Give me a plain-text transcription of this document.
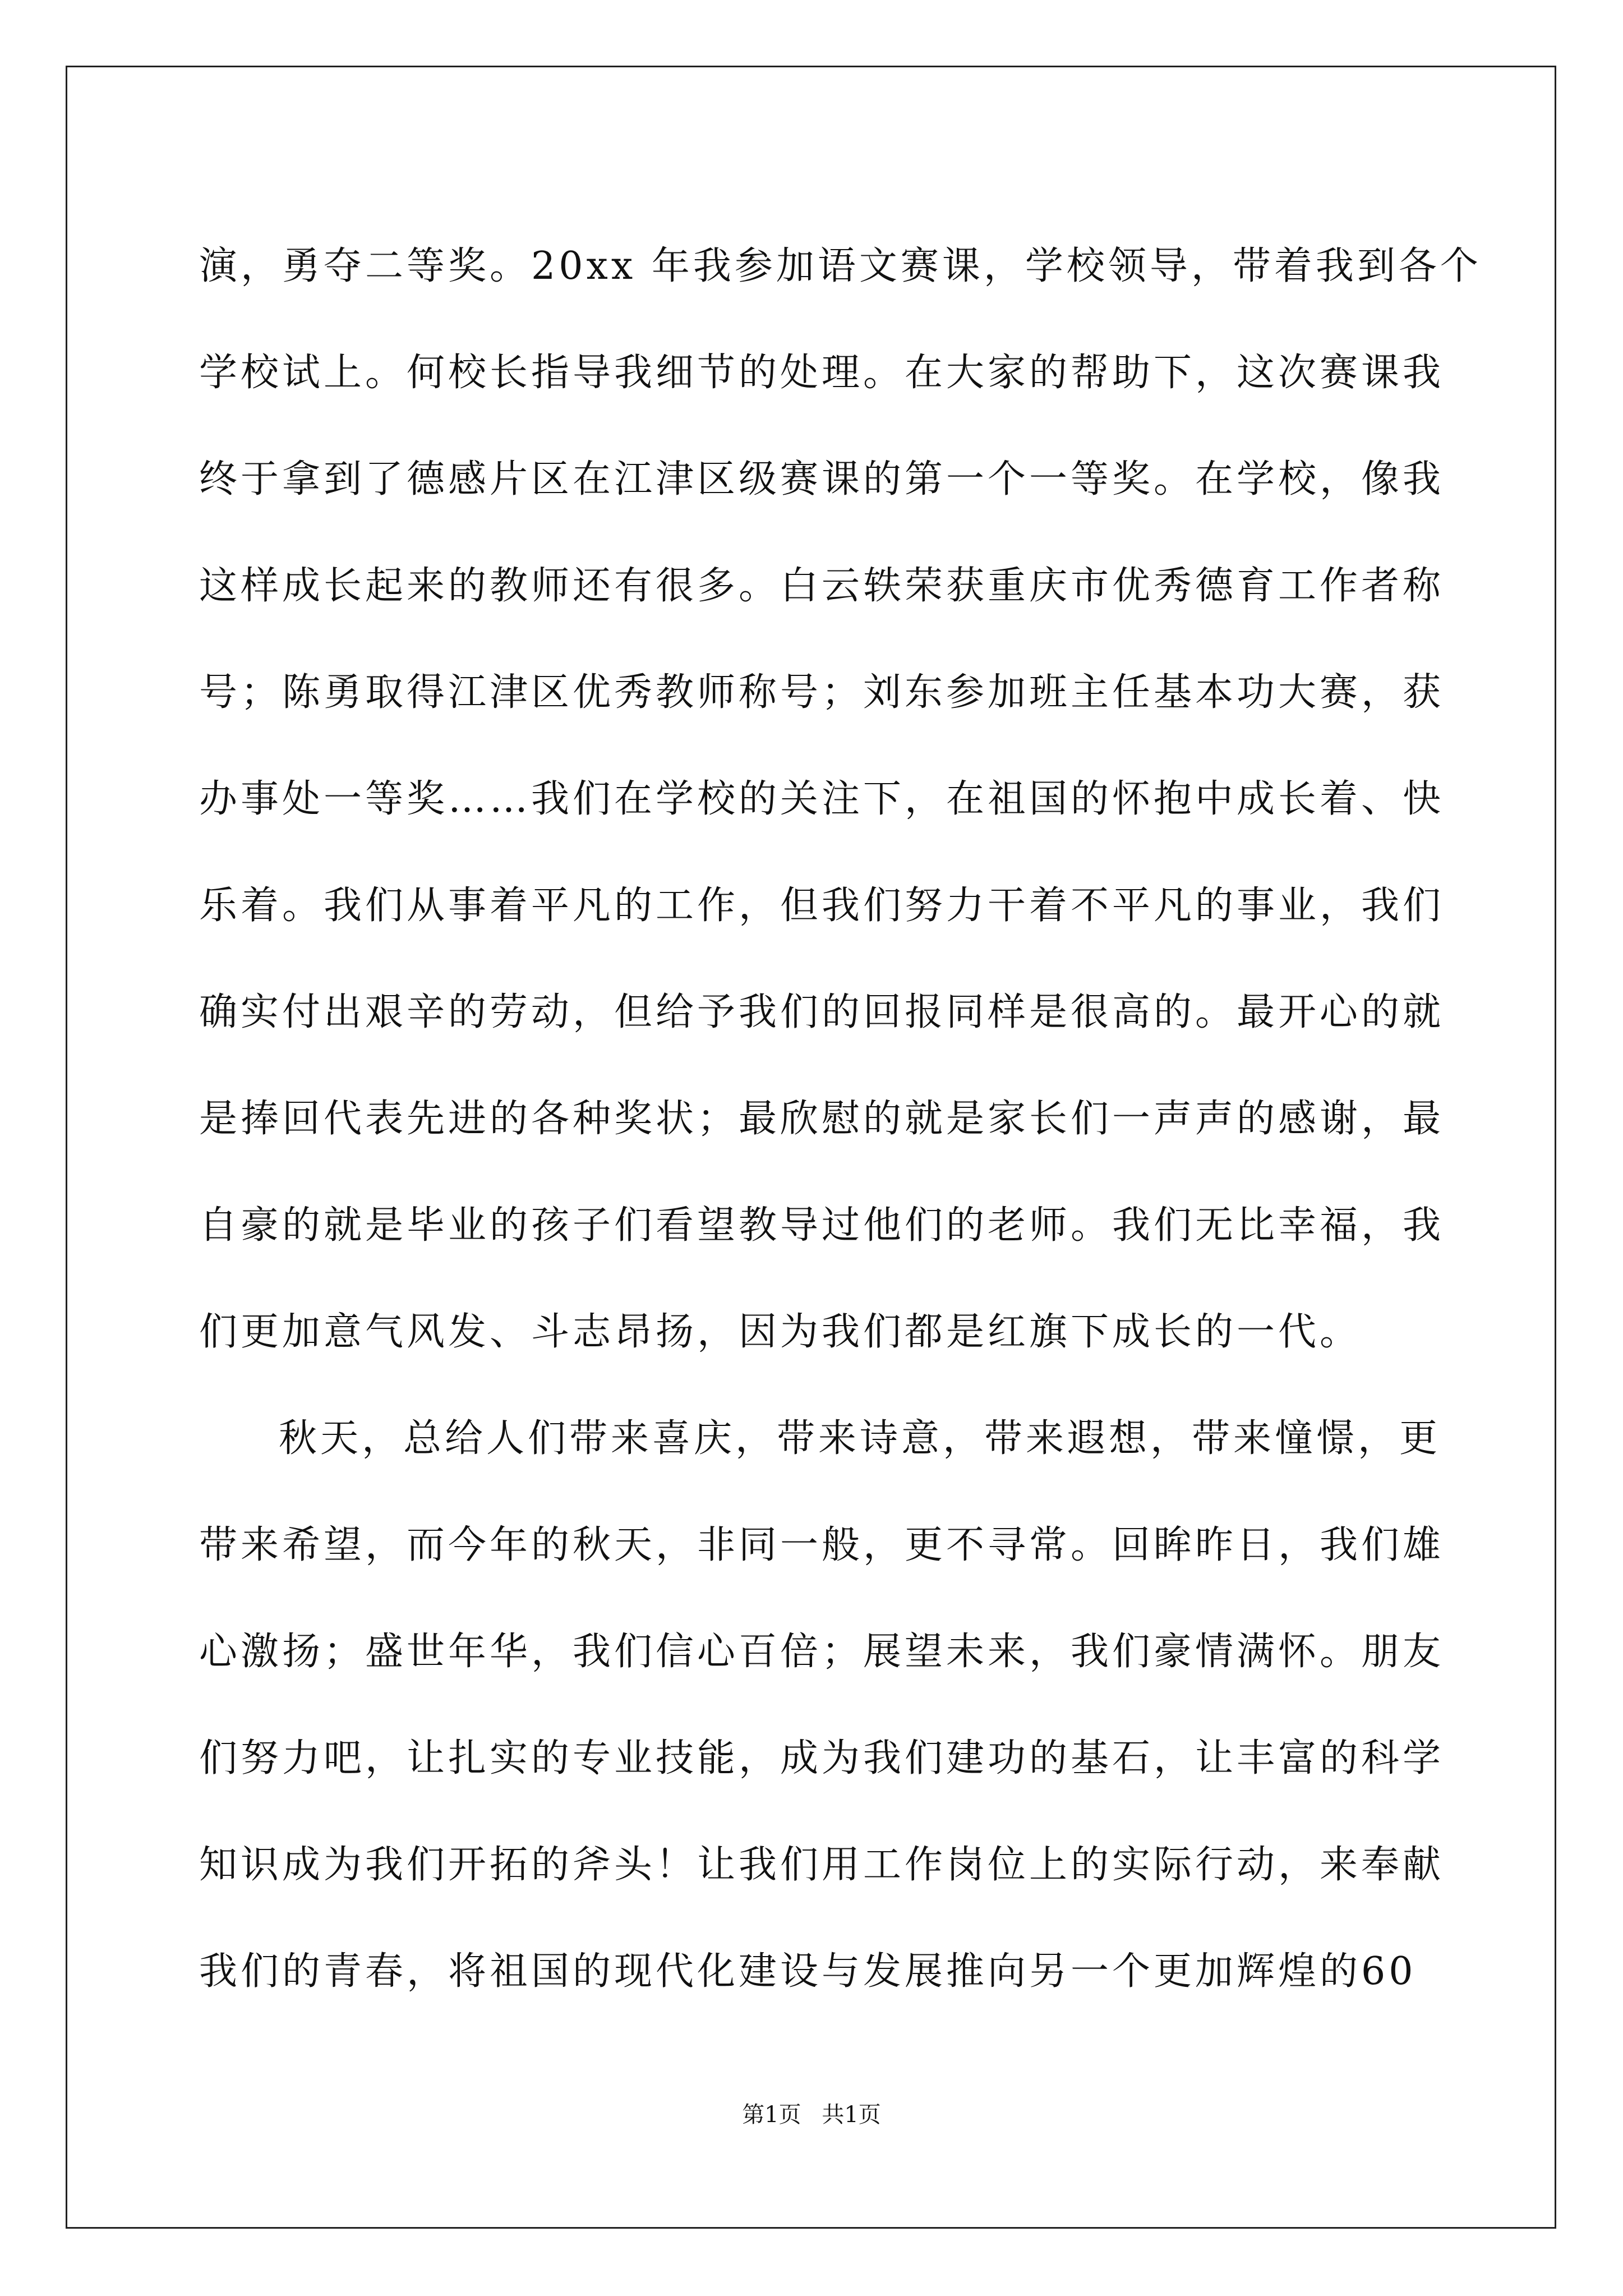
演，勇夺二等奖。20xx 年我参加语文赛课，学校领导，带着我到各个
学校试上。何校长指导我细节的处理。在大家的帮助下，这次赛课我
终于拿到了德感片区在江津区级赛课的第一个一等奖。在学校，像我
这样成长起来的教师还有很多。白云轶荣获重庆市优秀德育工作者称
号；陈勇取得江津区优秀教师称号；刘东参加班主任基本功大赛，获
办事处一等奖……我们在学校的关注下，在祖国的怀抱中成长着、快
乐着。我们从事着平凡的工作，但我们努力干着不平凡的事业，我们
确实付出艰辛的劳动，但给予我们的回报同样是很高的。最开心的就
是捧回代表先进的各种奖状；最欣慰的就是家长们一声声的感谢，最
自豪的就是毕业的孩子们看望教导过他们的老师。我们无比幸福，我
们更加意气风发、斗志昂扬，因为我们都是红旗下成长的一代。
秋天，总给人们带来喜庆，带来诗意，带来遐想，带来憧憬，更
带来希望，而今年的秋天，非同一般，更不寻常。回眸昨日，我们雄
心激扬；盛世年华，我们信心百倍；展望未来，我们豪情满怀。朋友
们努力吧，让扎实的专业技能，成为我们建功的基石，让丰富的科学
知识成为我们开拓的斧头！让我们用工作岗位上的实际行动，来奉献
我们的青春，将祖国的现代化建设与发展推向另一个更加辉煌的60
第1页 共1页
